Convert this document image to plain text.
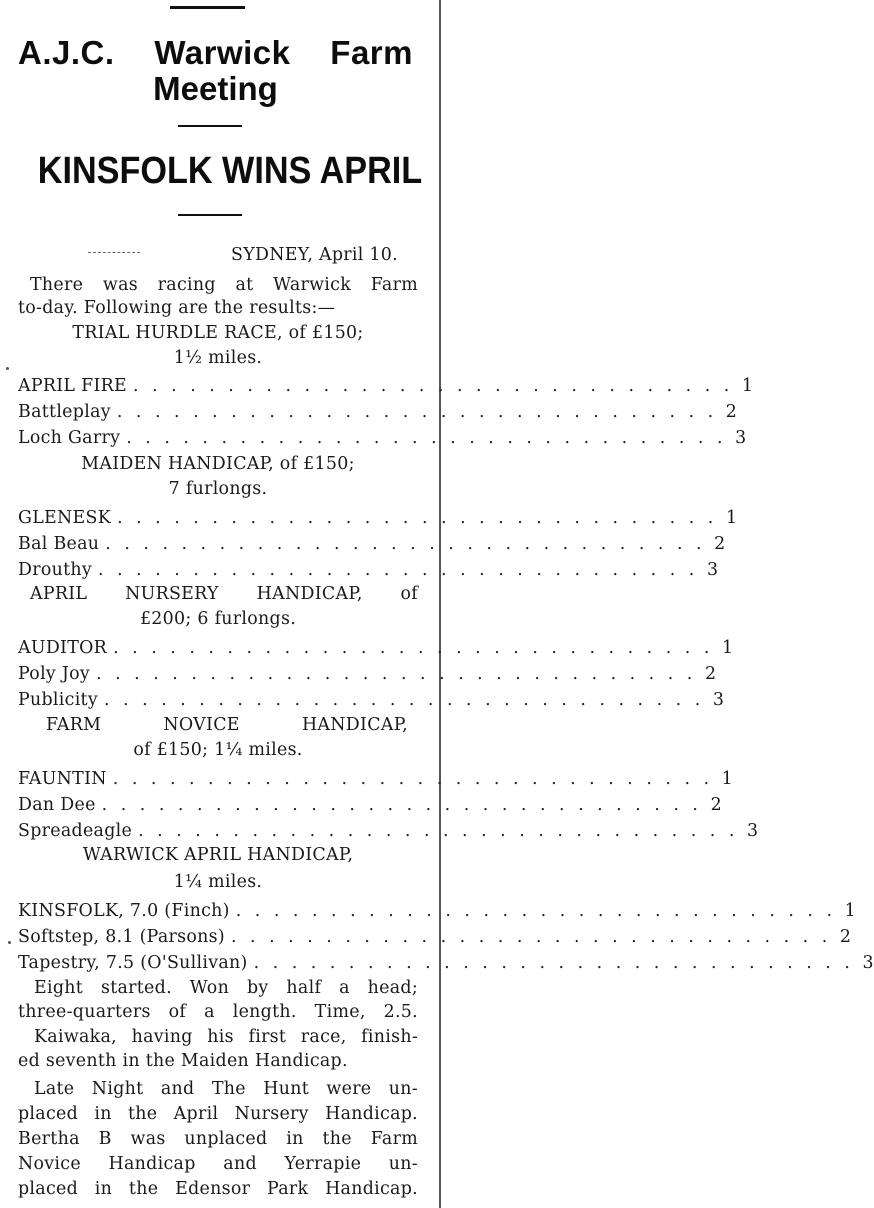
A.J.C. Warwick Farm
Meeting
KINSFOLK WINS APRIL
SYDNEY, April 10.
There was racing at Warwick Farm
to-day. Following are the results:—
TRIAL HURDLE RACE, of £150;
1½ miles.
APRIL FIRE . . . . . . . . . . . . . . . . . . . . . . . . . . . . . . . . 1
Battleplay . . . . . . . . . . . . . . . . . . . . . . . . . . . . . . . . 2
Loch Garry . . . . . . . . . . . . . . . . . . . . . . . . . . . . . . . . 3
MAIDEN HANDICAP, of £150;
7 furlongs.
GLENESK . . . . . . . . . . . . . . . . . . . . . . . . . . . . . . . . 1
Bal Beau . . . . . . . . . . . . . . . . . . . . . . . . . . . . . . . . 2
Drouthy . . . . . . . . . . . . . . . . . . . . . . . . . . . . . . . . 3
APRIL NURSERY HANDICAP, of
£200; 6 furlongs.
AUDITOR . . . . . . . . . . . . . . . . . . . . . . . . . . . . . . . . 1
Poly Joy . . . . . . . . . . . . . . . . . . . . . . . . . . . . . . . . 2
Publicity . . . . . . . . . . . . . . . . . . . . . . . . . . . . . . . . 3
FARM NOVICE HANDICAP,
of £150; 1¼ miles.
FAUNTIN . . . . . . . . . . . . . . . . . . . . . . . . . . . . . . . . 1
Dan Dee . . . . . . . . . . . . . . . . . . . . . . . . . . . . . . . . 2
Spreadeagle . . . . . . . . . . . . . . . . . . . . . . . . . . . . . . . . 3
WARWICK APRIL HANDICAP,
1¼ miles.
KINSFOLK, 7.0 (Finch) . . . . . . . . . . . . . . . . . . . . . . . . . . . . . . . . 1
Softstep, 8.1 (Parsons) . . . . . . . . . . . . . . . . . . . . . . . . . . . . . . . . 2
Tapestry, 7.5 (O'Sullivan) . . . . . . . . . . . . . . . . . . . . . . . . . . . . . . . . 3
Eight started. Won by half a head;
three-quarters of a length. Time, 2.5.
Kaiwaka, having his first race, finish-
ed seventh in the Maiden Handicap.
Late Night and The Hunt were un-
placed in the April Nursery Handicap.
Bertha B was unplaced in the Farm
Novice Handicap and Yerrapie un-
placed in the Edensor Park Handicap.
